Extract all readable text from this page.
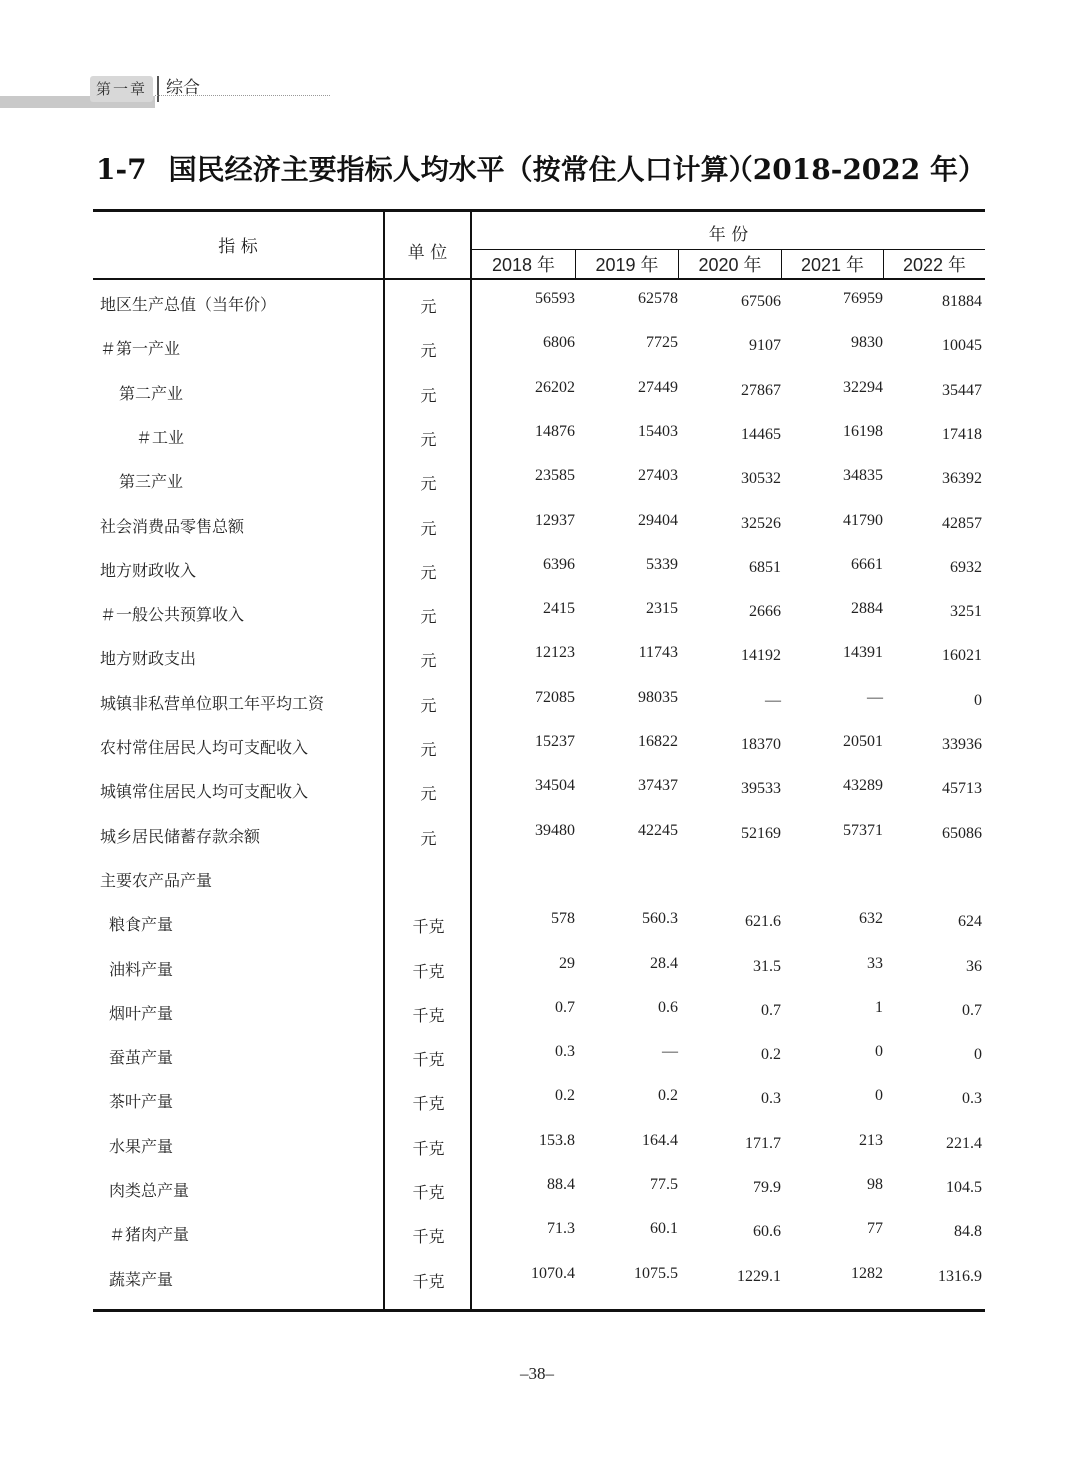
第一章	综合
1-7 国民经济主要指标人均水平（按常住人口计算）
（2018-2022 年）
指 标	单 位
年 份
2018 年	2019 年	2020 年	2021 年	2022 年
地区生产总值（当年价）	元	56593	62578	67506	76959	81884
＃第一产业	元	6806	7725	9107	9830	10045
第二产业	元	26202	27449	27867	32294	35447
＃工业	元	14876	15403	14465	16198	17418
第三产业	元	23585	27403	30532	34835	36392
社会消费品零售总额	元	12937	29404	32526	41790	42857
地方财政收入	元	6396	5339	6851	6661	6932
＃一般公共预算收入	元	2415	2315	2666	2884	3251
地方财政支出	元	12123	11743	14192	14391	16021
城镇非私营单位职工年平均工资	元	72085	98035	—	—	0
农村常住居民人均可支配收入	元	15237	16822	18370	20501	33936
城镇常住居民人均可支配收入	元	34504	37437	39533	43289	45713
城乡居民储蓄存款余额	元	39480	42245	52169	57371	65086
主要农产品产量
粮食产量	千克	578	560.3	621.6	632	624
油料产量	千克	29	28.4	31.5	33	36
烟叶产量	千克	0.7	0.6	0.7	1	0.7
蚕茧产量	千克	0.3	—	0.2	0	0
茶叶产量	千克	0.2	0.2	0.3	0	0.3
水果产量	千克	153.8	164.4	171.7	213	221.4
肉类总产量	千克	88.4	77.5	79.9	98	104.5
＃猪肉产量	千克	71.3	60.1	60.6	77	84.8
蔬菜产量	千克	1070.4	1075.5	1229.1	1282	1316.9
–38–
